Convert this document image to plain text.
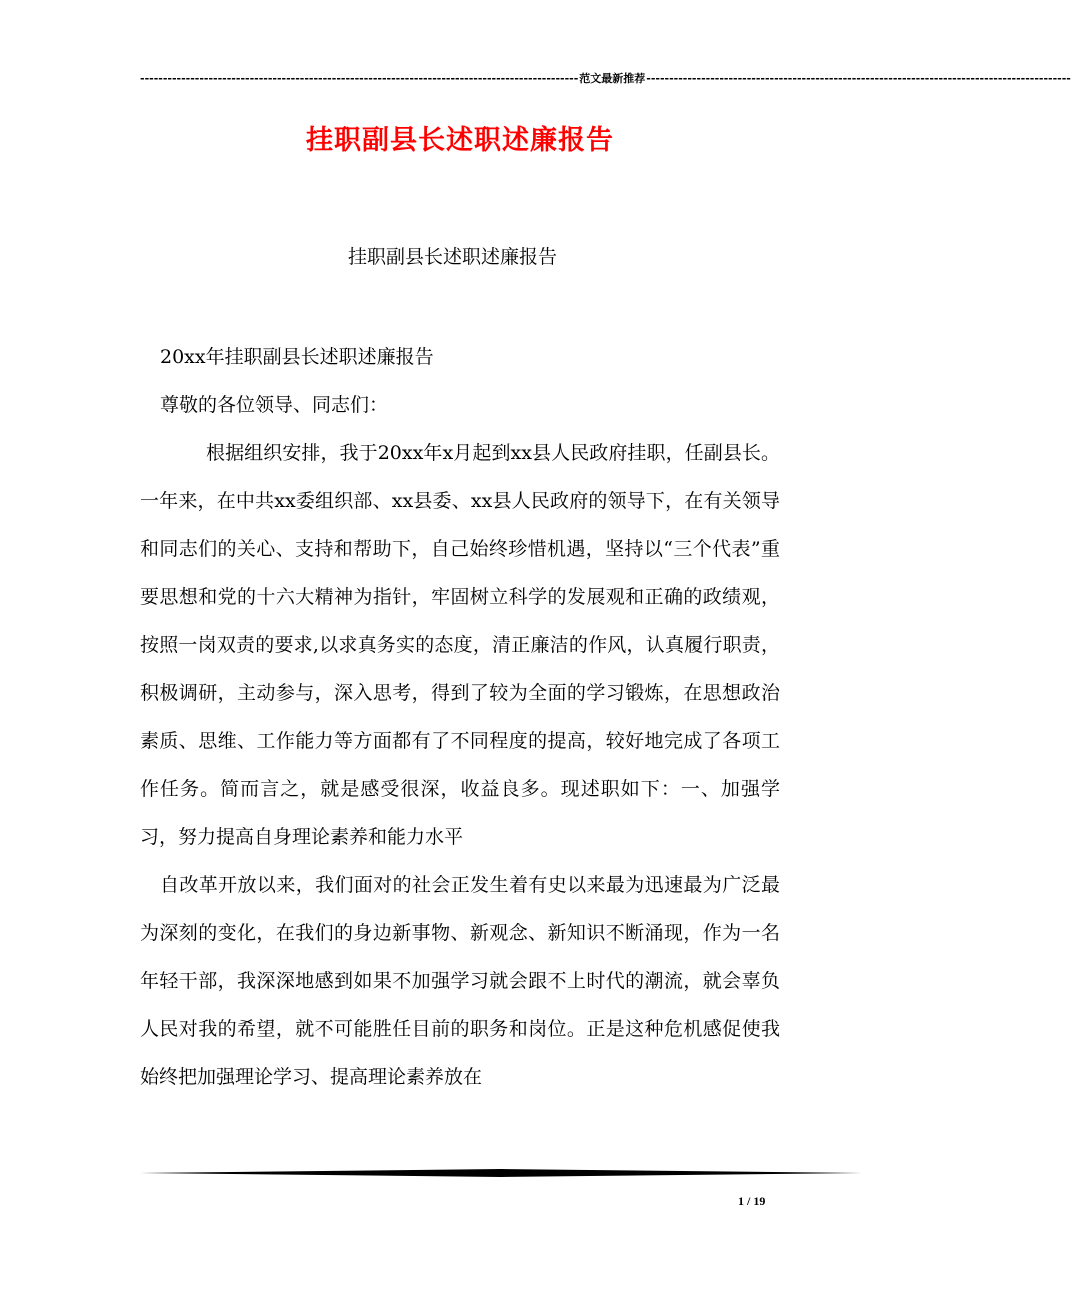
------------------------------------------------------------------------------------------------ 范文最新推荐 ---------------------------------------------------------------------------------------------
挂职副县长述职述廉报告
挂职副县长述职述廉报告

20xx年挂职副县长述职述廉报告

尊敬的各位领导、同志们：

根据组织安排，我于20xx年x月起到xx县人民政府挂职，任副县长。一年来，在中共xx委组织部、xx县委、xx县人民政府的领导下，在有关领导和同志们的关心、支持和帮助下，自己始终珍惜机遇，坚持以“三个代表”重要思想和党的十六大精神为指针，牢固树立科学的发展观和正确的政绩观，按照一岗双责的要求,以求真务实的态度，清正廉洁的作风，认真履行职责，积极调研，主动参与，深入思考，得到了较为全面的学习锻炼，在思想政治素质、思维、工作能力等方面都有了不同程度的提高，较好地完成了各项工作任务。简而言之，就是感受很深，收益良多。现述职如下：一、加强学习，努力提高自身理论素养和能力水平

自改革开放以来，我们面对的社会正发生着有史以来最为迅速最为广泛最为深刻的变化，在我们的身边新事物、新观念、新知识不断涌现，作为一名年轻干部，我深深地感到如果不加强学习就会跟不上时代的潮流，就会辜负人民对我的希望，就不可能胜任目前的职务和岗位。正是这种危机感促使我始终把加强理论学习、提高理论素养放在

1 / 19
